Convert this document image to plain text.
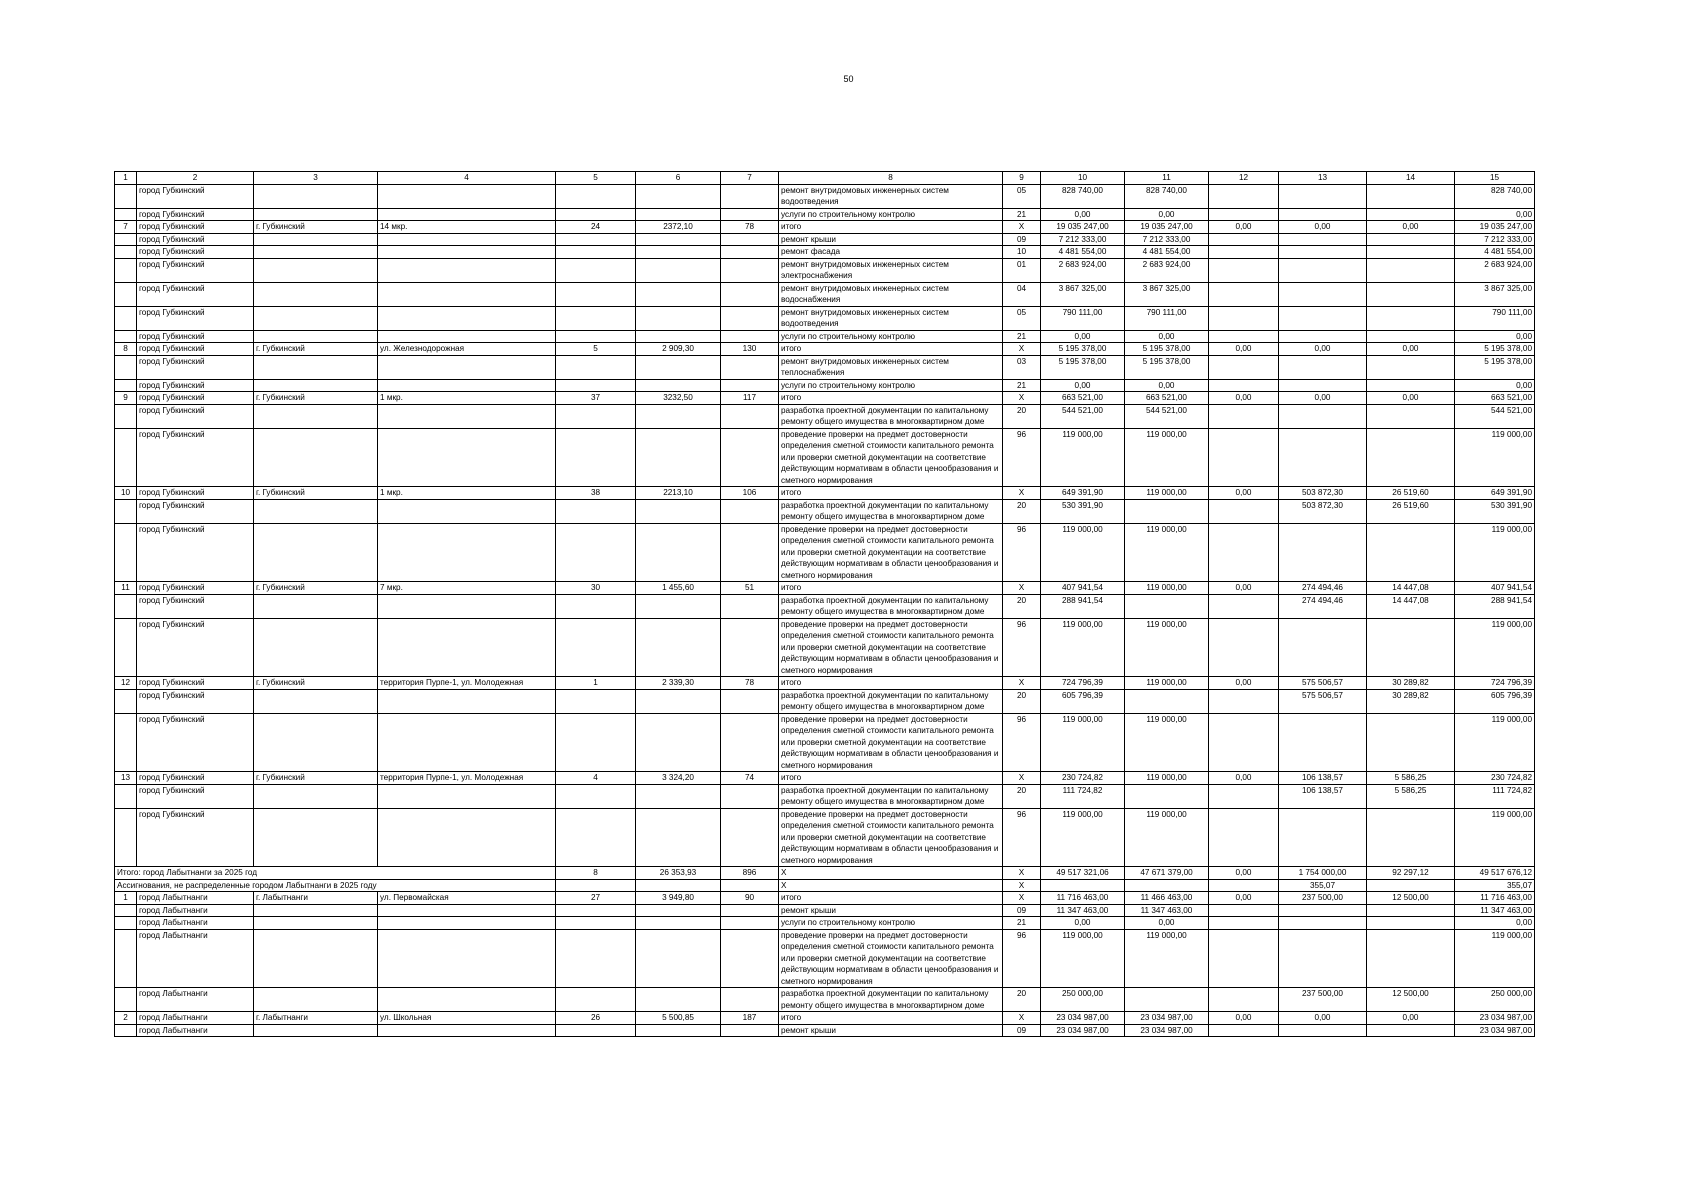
50
1	2	3	4	5	6	7	8	9	10	11	12	13	14	15
	город Губкинский						ремонт внутридомовых инженерных систем водоотведения	05	828 740,00	828 740,00				828 740,00
	город Губкинский						услуги по строительному контролю	21	0,00	0,00				0,00
7	город Губкинский	г. Губкинский	14 мкр.	24	2372,10	78	итого	X	19 035 247,00	19 035 247,00	0,00	0,00	0,00	19 035 247,00
	город Губкинский						ремонт крыши	09	7 212 333,00	7 212 333,00				7 212 333,00
	город Губкинский						ремонт фасада	10	4 481 554,00	4 481 554,00				4 481 554,00
	город Губкинский						ремонт внутридомовых инженерных систем электроснабжения	01	2 683 924,00	2 683 924,00				2 683 924,00
	город Губкинский						ремонт внутридомовых инженерных систем водоснабжения	04	3 867 325,00	3 867 325,00				3 867 325,00
	город Губкинский						ремонт внутридомовых инженерных систем водоотведения	05	790 111,00	790 111,00				790 111,00
	город Губкинский						услуги по строительному контролю	21	0,00	0,00				0,00
8	город Губкинский	г. Губкинский	ул. Железнодорожная	5	2 909,30	130	итого	X	5 195 378,00	5 195 378,00	0,00	0,00	0,00	5 195 378,00
	город Губкинский						ремонт внутридомовых инженерных систем теплоснабжения	03	5 195 378,00	5 195 378,00				5 195 378,00
	город Губкинский						услуги по строительному контролю	21	0,00	0,00				0,00
9	город Губкинский	г. Губкинский	1 мкр.	37	3232,50	117	итого	X	663 521,00	663 521,00	0,00	0,00	0,00	663 521,00
	город Губкинский						разработка проектной документации по капитальному ремонту общего имущества в многоквартирном доме	20	544 521,00	544 521,00				544 521,00
	город Губкинский						проведение проверки на предмет достоверности определения сметной стоимости капитального ремонта или проверки сметной документации на соответствие действующим нормативам в области ценообразования и сметного нормирования	96	119 000,00	119 000,00				119 000,00
10	город Губкинский	г. Губкинский	1 мкр.	38	2213,10	106	итого	X	649 391,90	119 000,00	0,00	503 872,30	26 519,60	649 391,90
	город Губкинский						разработка проектной документации по капитальному ремонту общего имущества в многоквартирном доме	20	530 391,90			503 872,30	26 519,60	530 391,90
	город Губкинский						проведение проверки на предмет достоверности определения сметной стоимости капитального ремонта или проверки сметной документации на соответствие действующим нормативам в области ценообразования и сметного нормирования	96	119 000,00	119 000,00				119 000,00
11	город Губкинский	г. Губкинский	7 мкр.	30	1 455,60	51	итого	X	407 941,54	119 000,00	0,00	274 494,46	14 447,08	407 941,54
	город Губкинский						разработка проектной документации по капитальному ремонту общего имущества в многоквартирном доме	20	288 941,54			274 494,46	14 447,08	288 941,54
	город Губкинский						проведение проверки на предмет достоверности определения сметной стоимости капитального ремонта или проверки сметной документации на соответствие действующим нормативам в области ценообразования и сметного нормирования	96	119 000,00	119 000,00				119 000,00
12	город Губкинский	г. Губкинский	территория Пурпе-1, ул. Молодежная	1	2 339,30	78	итого	X	724 796,39	119 000,00	0,00	575 506,57	30 289,82	724 796,39
	город Губкинский						разработка проектной документации по капитальному ремонту общего имущества в многоквартирном доме	20	605 796,39			575 506,57	30 289,82	605 796,39
	город Губкинский						проведение проверки на предмет достоверности определения сметной стоимости капитального ремонта или проверки сметной документации на соответствие действующим нормативам в области ценообразования и сметного нормирования	96	119 000,00	119 000,00				119 000,00
13	город Губкинский	г. Губкинский	территория Пурпе-1, ул. Молодежная	4	3 324,20	74	итого	X	230 724,82	119 000,00	0,00	106 138,57	5 586,25	230 724,82
	город Губкинский						разработка проектной документации по капитальному ремонту общего имущества в многоквартирном доме	20	111 724,82			106 138,57	5 586,25	111 724,82
	город Губкинский						проведение проверки на предмет достоверности определения сметной стоимости капитального ремонта или проверки сметной документации на соответствие действующим нормативам в области ценообразования и сметного нормирования	96	119 000,00	119 000,00				119 000,00
Итого: город Лабытнанги за 2025 год				8	26 353,93	896	X	X	49 517 321,06	47 671 379,00	0,00	1 754 000,00	92 297,12	49 517 676,12
Ассигнования, не распределенные городом Лабытнанги в 2025 году							X	X				355,07		355,07
1	город Лабытнанги	г. Лабытнанги	ул. Первомайская	27	3 949,80	90	итого	X	11 716 463,00	11 466 463,00	0,00	237 500,00	12 500,00	11 716 463,00
	город Лабытнанги						ремонт крыши	09	11 347 463,00	11 347 463,00				11 347 463,00
	город Лабытнанги						услуги по строительному контролю	21	0,00	0,00				0,00
	город Лабытнанги						проведение проверки на предмет достоверности определения сметной стоимости капитального ремонта или проверки сметной документации на соответствие действующим нормативам в области ценообразования и сметного нормирования	96	119 000,00	119 000,00				119 000,00
	город Лабытнанги						разработка проектной документации по капитальному ремонту общего имущества в многоквартирном доме	20	250 000,00			237 500,00	12 500,00	250 000,00
2	город Лабытнанги	г. Лабытнанги	ул. Школьная	26	5 500,85	187	итого	X	23 034 987,00	23 034 987,00	0,00	0,00	0,00	23 034 987,00
	город Лабытнанги						ремонт крыши	09	23 034 987,00	23 034 987,00				23 034 987,00
